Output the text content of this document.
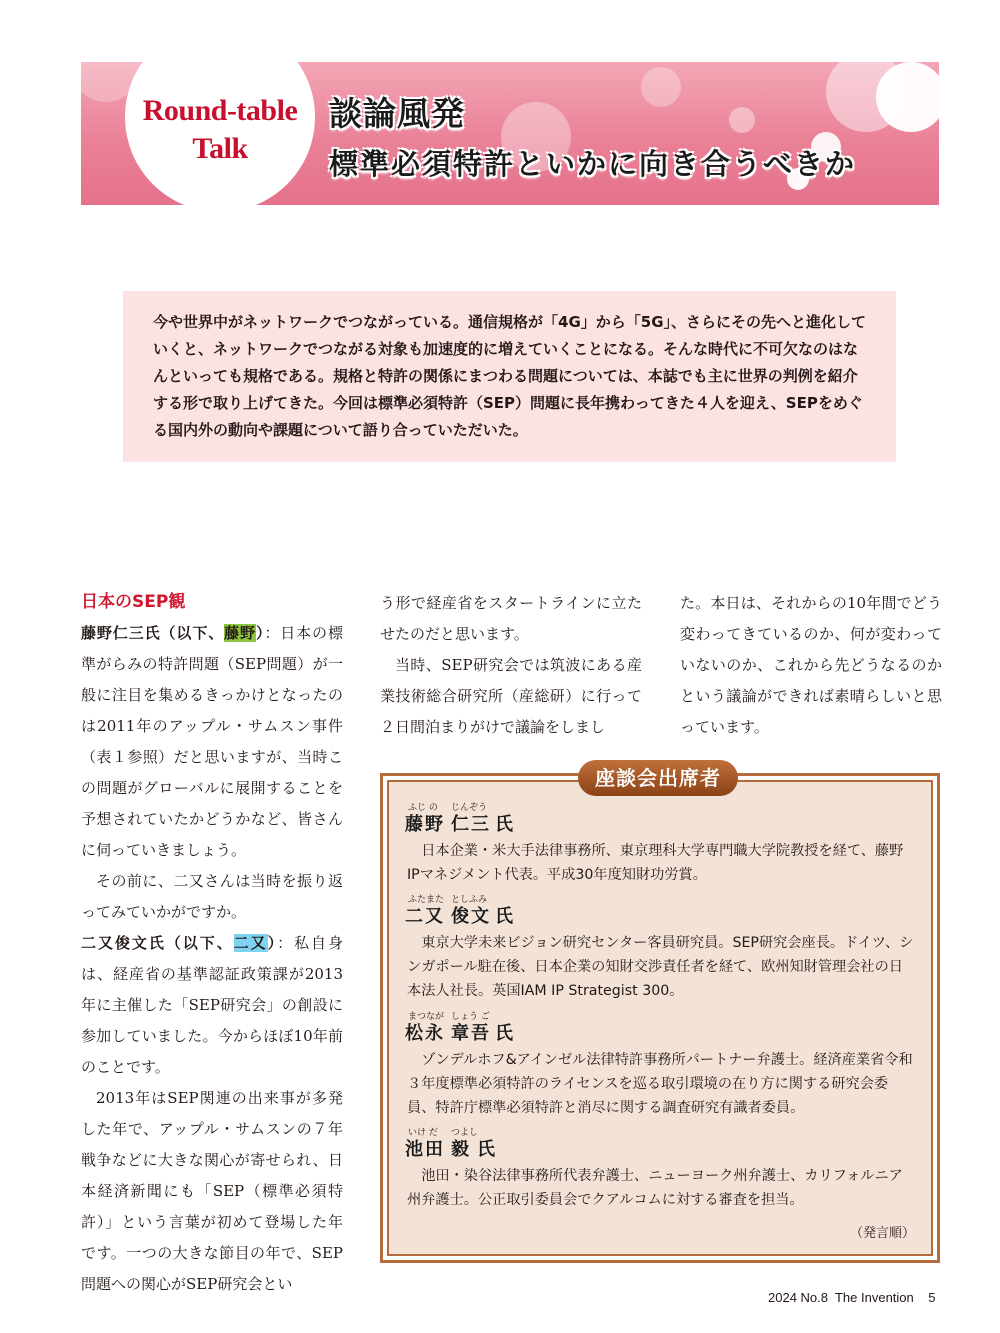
Round-table
Talk
談論風発
標準必須特許といかに向き合うべきか
今や世界中がネットワークでつながっている。通信規格が「4G」から「5G」、さらにその先へと進化していくと、ネットワークでつながる対象も加速度的に増えていくことになる。そんな時代に不可欠なのはなんといっても規格である。規格と特許の関係にまつわる問題については、本誌でも主に世界の判例を紹介する形で取り上げてきた。今回は標準必須特許（SEP）問題に長年携わってきた４人を迎え、SEPをめぐる国内外の動向や課題について語り合っていただいた。
日本のSEP観

藤野仁三氏（以下、藤野）：日本の標準がらみの特許問題（SEP問題）が一般に注目を集めるきっかけとなったのは2011年のアップル・サムスン事件（表１参照）だと思いますが、当時この問題がグローバルに展開することを予想されていたかどうかなど、皆さんに伺っていきましょう。

その前に、二又さんは当時を振り返ってみていかがですか。

二又俊文氏（以下、二又）：私自身は、経産省の基準認証政策課が2013年に主催した「SEP研究会」の創設に参加していました。今からほぼ10年前のことです。

2013年はSEP関連の出来事が多発した年で、アップル・サムスンの７年戦争などに大きな関心が寄せられ、日本経済新聞にも「SEP（標準必須特許）」という言葉が初めて登場した年です。一つの大きな節目の年で、SEP問題への関心がSEP研究会とい

う形で経産省をスタートラインに立たせたのだと思います。

当時、SEP研究会では筑波にある産業技術総合研究所（産総研）に行って２日間泊まりがけで議論をしまし

た。本日は、それからの10年間でどう変わってきているのか、何が変わっていないのか、これから先どうなるのかという議論ができれば素晴らしいと思っています。

座談会出席者
ふじ の じんぞう
藤野 仁三 氏
日本企業・米大手法律事務所、東京理科大学専門職大学院教授を経て、藤野IPマネジメント代表。平成30年度知財功労賞。
ふたまた としふみ
二又 俊文 氏
東京大学未来ビジョン研究センター客員研究員。SEP研究会座長。ドイツ、シンガポール駐在後、日本企業の知財交渉責任者を経て、欧州知財管理会社の日本法人社長。英国IAM IP Strategist 300。
まつなが しょう ご
松永 章吾 氏
ゾンデルホフ&アインゼル法律特許事務所パートナー弁護士。経済産業省令和３年度標準必須特許のライセンスを巡る取引環境の在り方に関する研究会委員、特許庁標準必須特許と消尽に関する調査研究有識者委員。
いけ だ つよし
池田 毅 氏
池田・染谷法律事務所代表弁護士、ニューヨーク州弁護士、カリフォルニア州弁護士。公正取引委員会でクアルコムに対する審査を担当。
（発言順）
2024 No.8  The Invention    5
